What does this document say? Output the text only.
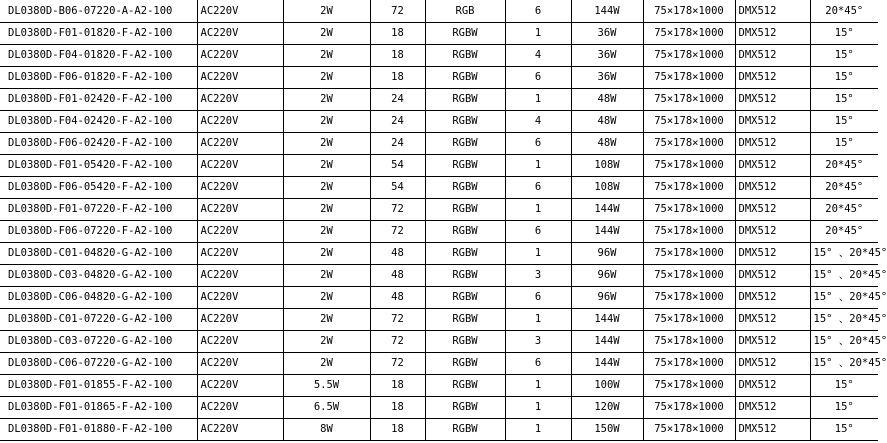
DL0380D-B06-07220-A-A2-100	AC220V	2W	72	RGB	6	144W	75×178×1000	DMX512	20*45°
DL0380D-F01-01820-F-A2-100	AC220V	2W	18	RGBW	1	36W	75×178×1000	DMX512	15°
DL0380D-F04-01820-F-A2-100	AC220V	2W	18	RGBW	4	36W	75×178×1000	DMX512	15°
DL0380D-F06-01820-F-A2-100	AC220V	2W	18	RGBW	6	36W	75×178×1000	DMX512	15°
DL0380D-F01-02420-F-A2-100	AC220V	2W	24	RGBW	1	48W	75×178×1000	DMX512	15°
DL0380D-F04-02420-F-A2-100	AC220V	2W	24	RGBW	4	48W	75×178×1000	DMX512	15°
DL0380D-F06-02420-F-A2-100	AC220V	2W	24	RGBW	6	48W	75×178×1000	DMX512	15°
DL0380D-F01-05420-F-A2-100	AC220V	2W	54	RGBW	1	108W	75×178×1000	DMX512	20*45°
DL0380D-F06-05420-F-A2-100	AC220V	2W	54	RGBW	6	108W	75×178×1000	DMX512	20*45°
DL0380D-F01-07220-F-A2-100	AC220V	2W	72	RGBW	1	144W	75×178×1000	DMX512	20*45°
DL0380D-F06-07220-F-A2-100	AC220V	2W	72	RGBW	6	144W	75×178×1000	DMX512	20*45°
DL0380D-C01-04820-G-A2-100	AC220V	2W	48	RGBW	1	96W	75×178×1000	DMX512	15° 、20*45°
DL0380D-C03-04820-G-A2-100	AC220V	2W	48	RGBW	3	96W	75×178×1000	DMX512	15° 、20*45°
DL0380D-C06-04820-G-A2-100	AC220V	2W	48	RGBW	6	96W	75×178×1000	DMX512	15° 、20*45°
DL0380D-C01-07220-G-A2-100	AC220V	2W	72	RGBW	1	144W	75×178×1000	DMX512	15° 、20*45°
DL0380D-C03-07220-G-A2-100	AC220V	2W	72	RGBW	3	144W	75×178×1000	DMX512	15° 、20*45°
DL0380D-C06-07220-G-A2-100	AC220V	2W	72	RGBW	6	144W	75×178×1000	DMX512	15° 、20*45°
DL0380D-F01-01855-F-A2-100	AC220V	5.5W	18	RGBW	1	100W	75×178×1000	DMX512	15°
DL0380D-F01-01865-F-A2-100	AC220V	6.5W	18	RGBW	1	120W	75×178×1000	DMX512	15°
DL0380D-F01-01880-F-A2-100	AC220V	8W	18	RGBW	1	150W	75×178×1000	DMX512	15°
